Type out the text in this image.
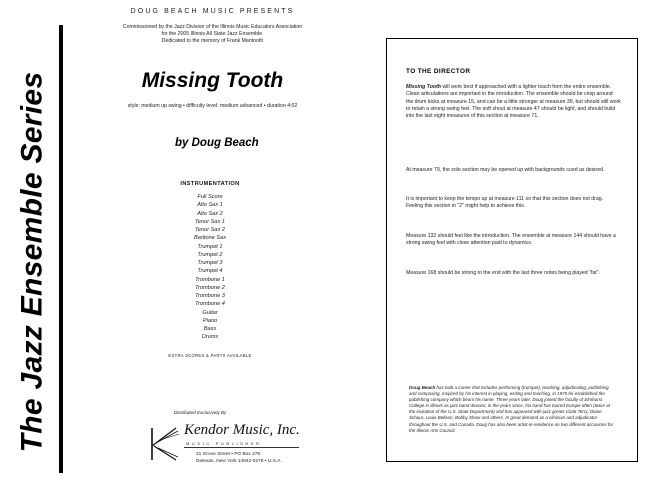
The Jazz Ensemble Series
DOUG BEACH MUSIC PRESENTS
Commissioned by the Jazz Division of the Illinois Music Educators Association
for the 2005 Illinois All State Jazz Ensemble.
Dedicated to the memory of Frank Mantooth
Missing Tooth
style: medium up swing • difficulty level: medium advanced • duration 4:02
by Doug Beach
INSTRUMENTATION
Full Score
Alto Sax 1
Alto Sax 2
Tenor Sax 1
Tenor Sax 2
Baritone Sax
Trumpet 1
Trumpet 2
Trumpet 3
Trumpet 4
Trombone 1
Trombone 2
Trombone 3
Trombone 4
Guitar
Piano
Bass
Drums
EXTRA SCORES & PARTS AVAILABLE
Distributed Exclusively By
Kendor Music, Inc.
MUSIC PUBLISHER
21 Grove Street • PO Box 278
Delevan, New York 14042-0278 • U.S.A.
TO THE DIRECTOR

Missing Tooth will work best if approached with a lighter touch from the entire ensemble. Clean articulations are important in the introduction. The ensemble should be crisp around the drum kicks at measure 15, and can be a little stronger at measure 39, but should still work to retain a strong swing feel. The soft shout at measure 47 should be light, and should build into the last eight measures of this section at measure 71.

At measure 79, the solo section may be opened up with backgrounds cued as desired.

It is important to keep the tempo up at measure 111 so that this section does not drag. Feeling this section in "2" might help to achieve this.

Measure 132 should feel like the introduction. The ensemble at measure 144 should have a strong swing feel with close attention paid to dynamics.

Measure 168 should be strong to the end with the last three notes being played "fat".

Doug Beach has built a career that includes performing (trumpet), teaching, adjudicating, publishing and composing. Inspired by his interest in playing, writing and teaching, in 1975 he established the publishing company which bears his name. Three years later, Doug joined the faculty of Elmhurst College in Illinois as jazz band director, in the years since, his band has toured Europe often (twice at the invitation of the U.S. State Department) and has appeared with jazz greats Clark Terry, Diane Schuur, Louie Bellson, Bobby Shew and others. In great demand as a clinician and adjudicator throughout the U.S. and Canada, Doug has also been artist-in-residence on two different occasions for the Illinois Arts Council.
